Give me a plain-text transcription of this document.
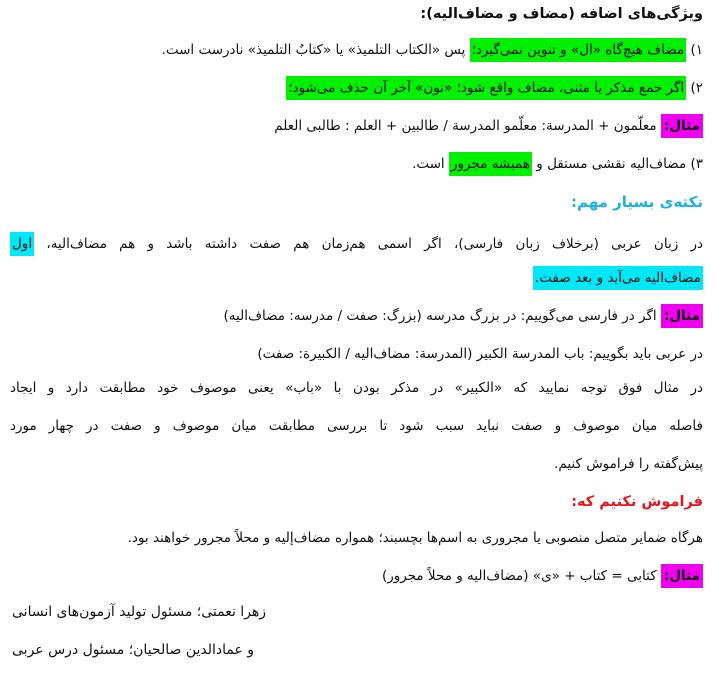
ویژگی‌های اضافه (مضاف و مضاف‌الیه):
۱) مضاف هیچ‌گاه «ال» و تنوین نمی‌گیرد؛ پس «الکتاب التلمیذ» یا «کتابٌ التلمیذ» نادرست است.
۲) اگر جمع مذکر یا مثنی، مضاف واقع شود؛ «نون» آخر آن حذف می‌شود؛
مثال: معلّمون + المدرسة: معلّمو المدرسة / طالبین + العلم : طالبی العلم
۳) مضاف‌الیه نقشی مستقل و همیشه مجرور است.
نکته‌ی بسیار مهم:
در زبان عربی (برخلاف زبان فارسی)، اگر اسمی هم‌زمان هم صفت داشته باشد و هم مضاف‌الیه، اول
مضاف‌الیه می‌آید و بعد صفت.
مثال: اگر در فارسی می‌گوییم: در بزرگ مدرسه (بزرگ: صفت / مدرسه: مضاف‌الیه)
در عربی باید بگوییم: باب المدرسة الکبیر (المدرسة: مضاف‌الیه / الکبیرة: صفت)
در مثال فوق توجه نمایید که «الکبیر» در مذکر بودن با «باب» یعنی موصوف خود مطابقت دارد و ایجاد
فاصله میان موصوف و صفت نباید سبب شود تا بررسی مطابقت میان موصوف و صفت در چهار مورد
پیش‌گفته را فراموش کنیم.
فراموش نکنیم که:
هرگاه ضمایر متصل منصوبی یا مجروری به اسم‌ها بچسبند؛ همواره مضاف‌إلیه و محلاً مجرور خواهند بود.
مثال: کتابی = کتاب + «ی» (مضاف‌الیه و محلاً مجرور)
زهرا نعمتی؛ مسئول تولید آزمون‌های انسانی
و عمادالدین صالحیان؛ مسئول درس عربی
